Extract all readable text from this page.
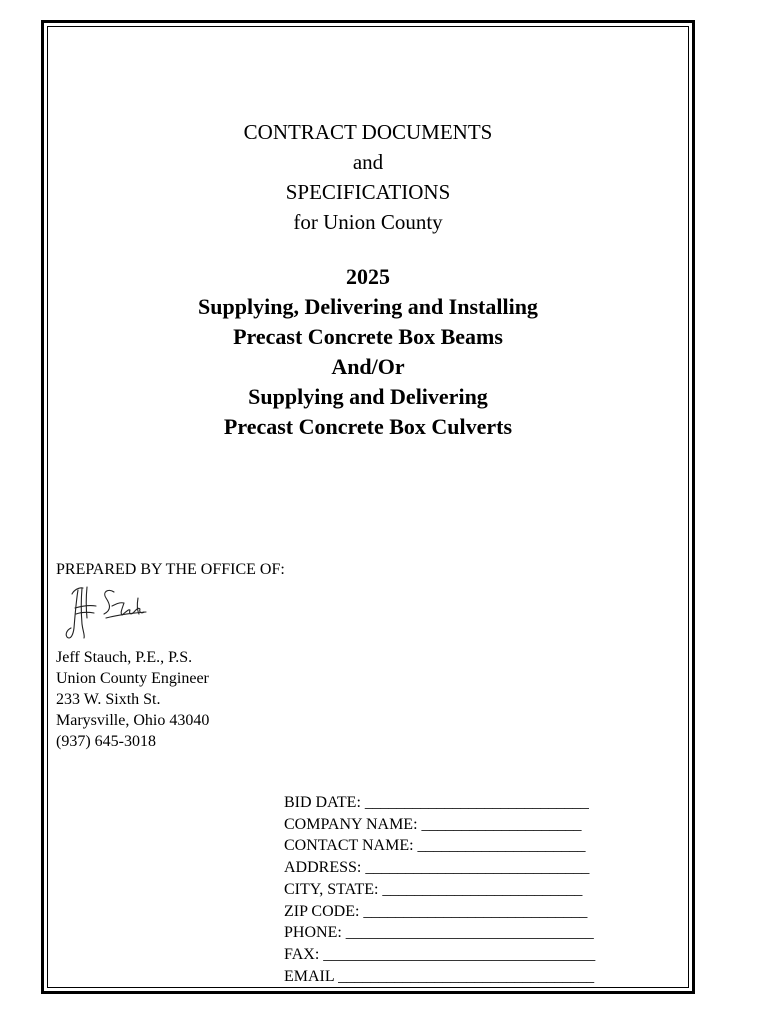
CONTRACT DOCUMENTS
and
SPECIFICATIONS
for Union County
2025
Supplying, Delivering and Installing
Precast Concrete Box Beams
And/Or
Supplying and Delivering
Precast Concrete Box Culverts
PREPARED BY THE OFFICE OF:
Jeff Stauch, P.E., P.S.
Union County Engineer
233 W. Sixth St.
Marysville, Ohio 43040
(937) 645-3018
BID DATE: ____________________________
COMPANY NAME: ____________________
CONTACT NAME: _____________________
ADDRESS: ____________________________
CITY, STATE: _________________________
ZIP CODE: ____________________________
PHONE: _______________________________
FAX: __________________________________
EMAIL ________________________________
